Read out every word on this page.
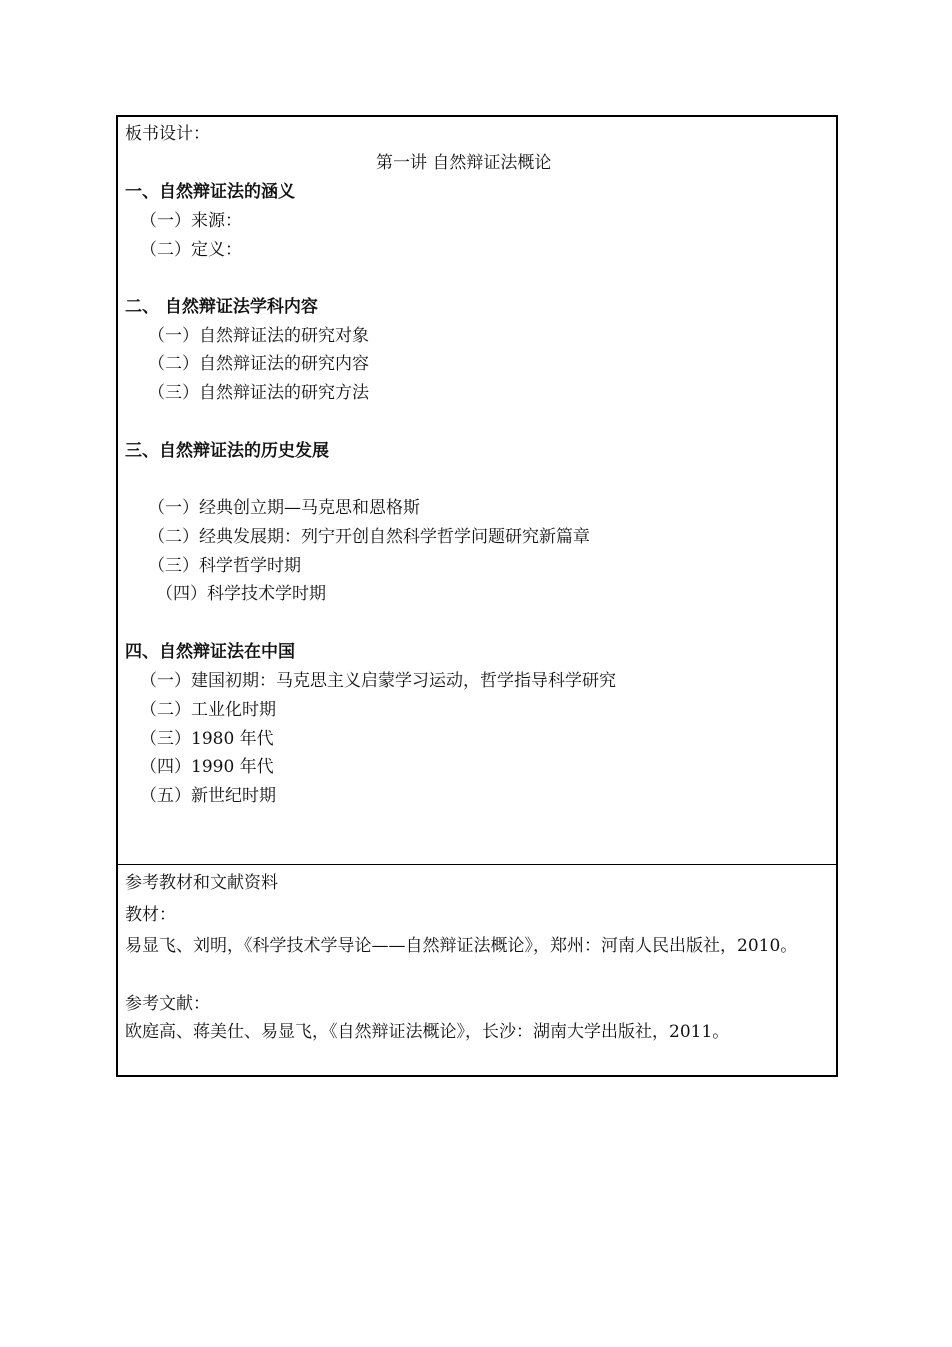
板书设计：
第一讲 自然辩证法概论
一、自然辩证法的涵义
（一）来源：
（二）定义：
二、 自然辩证法学科内容
（一）自然辩证法的研究对象
（二）自然辩证法的研究内容
（三）自然辩证法的研究方法
三、自然辩证法的历史发展
（一）经典创立期—马克思和恩格斯
（二）经典发展期：列宁开创自然科学哲学问题研究新篇章
（三）科学哲学时期
（四）科学技术学时期
四、自然辩证法在中国
（一）建国初期：马克思主义启蒙学习运动，哲学指导科学研究
（二）工业化时期
（三）1980 年代
（四）1990 年代
（五）新世纪时期
参考教材和文献资料
教材：
易显飞、刘明，《科学技术学导论——自然辩证法概论》，郑州：河南人民出版社，2010。
参考文献：
欧庭高、蒋美仕、易显飞，《自然辩证法概论》，长沙：湖南大学出版社，2011。
